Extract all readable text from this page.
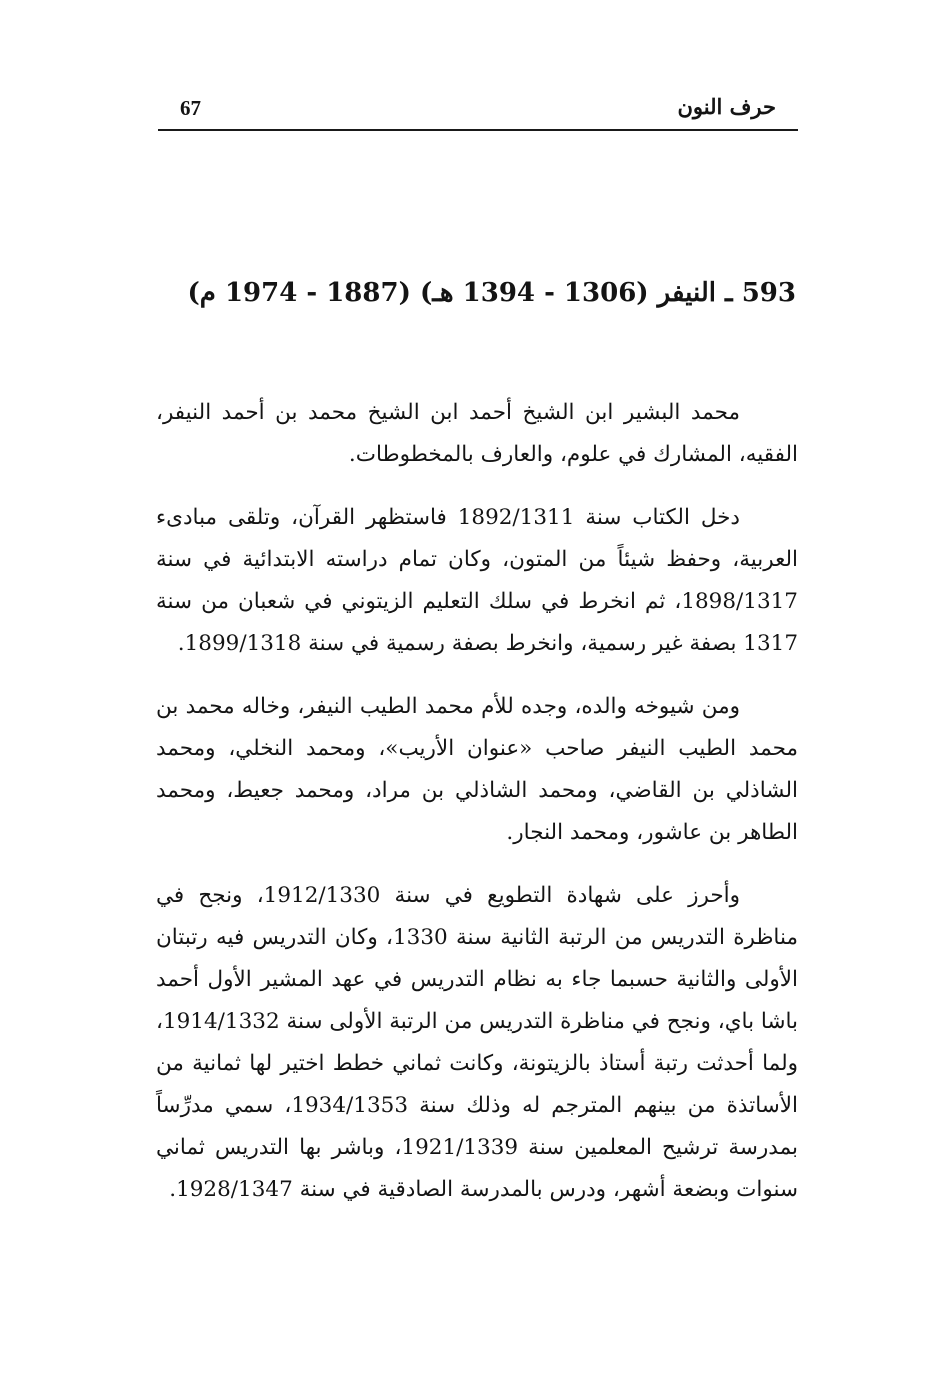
67	حرف النون
593 ـ النيفر (1306 - 1394 هـ) (1887 - 1974 م)

محمد البشير ابن الشيخ أحمد ابن الشيخ محمد بن أحمد النيفر، الفقيه، المشارك في علوم، والعارف بالمخطوطات.

دخل الكتاب سنة 1892/1311 فاستظهر القرآن، وتلقى مبادىء العربية، وحفظ شيئاً من المتون، وكان تمام دراسته الابتدائية في سنة 1898/1317، ثم انخرط في سلك التعليم الزيتوني في شعبان من سنة 1317 بصفة غير رسمية، وانخرط بصفة رسمية في سنة 1899/1318.

ومن شيوخه والده، وجده للأم محمد الطيب النيفر، وخاله محمد بن محمد الطيب النيفر صاحب «عنوان الأريب»، ومحمد النخلي، ومحمد الشاذلي بن القاضي، ومحمد الشاذلي بن مراد، ومحمد جعيط، ومحمد الطاهر بن عاشور، ومحمد النجار.

وأحرز على شهادة التطويع في سنة 1912/1330، ونجح في مناظرة التدريس من الرتبة الثانية سنة 1330، وكان التدريس فيه رتبتان الأولى والثانية حسبما جاء به نظام التدريس في عهد المشير الأول أحمد باشا باي، ونجح في مناظرة التدريس من الرتبة الأولى سنة 1914/1332، ولما أحدثت رتبة أستاذ بالزيتونة، وكانت ثماني خطط اختير لها ثمانية من الأساتذة من بينهم المترجم له وذلك سنة 1934/1353، سمي مدرِّساً بمدرسة ترشيح المعلمين سنة 1921/1339، وباشر بها التدريس ثماني سنوات وبضعة أشهر، ودرس بالمدرسة الصادقية في سنة 1928/1347.
